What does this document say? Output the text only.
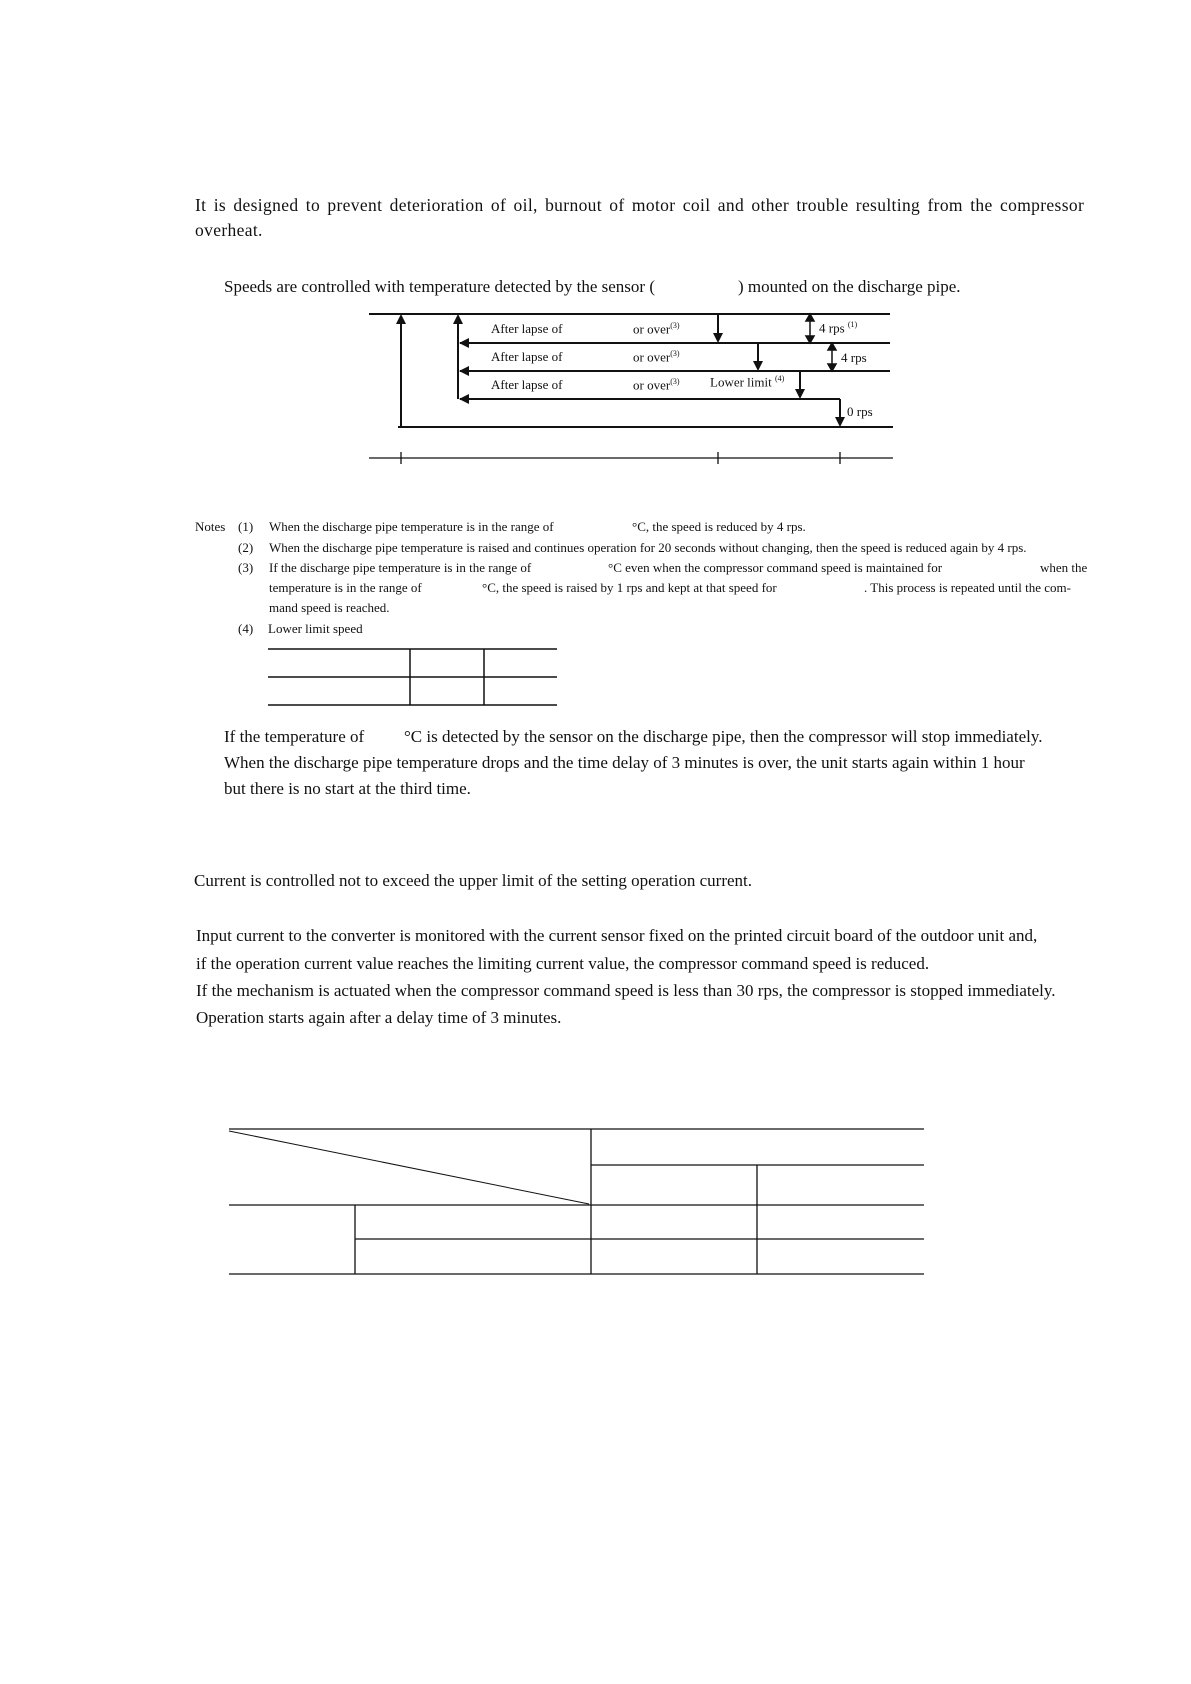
It is designed to prevent deterioration of oil, burnout of motor coil and other trouble resulting from the compressor
overheat.
Speeds are controlled with temperature detected by the sensor (	) mounted on the discharge pipe.
After lapse of
After lapse of
After lapse of
or over$^{(3)}$
or over$^{(3)}$
or over$^{(3)}$
4 rps $^{(1)}$
4 rps
Lower limit $^{(4)}$
0 rps
Notes (1) When the discharge pipe temperature is in the range of	°C, the speed is reduced by 4 rps.
(2) When the discharge pipe temperature is raised and continues operation for 20 seconds without changing, then the speed is reduced again by 4 rps.
(3) If the discharge pipe temperature is in the range of	°C even when the compressor command speed is maintained for	when the
temperature is in the range of	°C, the speed is raised by 1 rps and kept at that speed for	. This process is repeated until the com-
mand speed is reached.
(4) Lower limit speed
If the temperature of °C is detected by the sensor on the discharge pipe, then the compressor will stop immediately.
When the discharge pipe temperature drops and the time delay of 3 minutes is over, the unit starts again within 1 hour
but there is no start at the third time.
Current is controlled not to exceed the upper limit of the setting operation current.
Input current to the converter is monitored with the current sensor fixed on the printed circuit board of the outdoor unit and,
if the operation current value reaches the limiting current value, the compressor command speed is reduced.
If the mechanism is actuated when the compressor command speed is less than 30 rps, the compressor is stopped immediately.
Operation starts again after a delay time of 3 minutes.
